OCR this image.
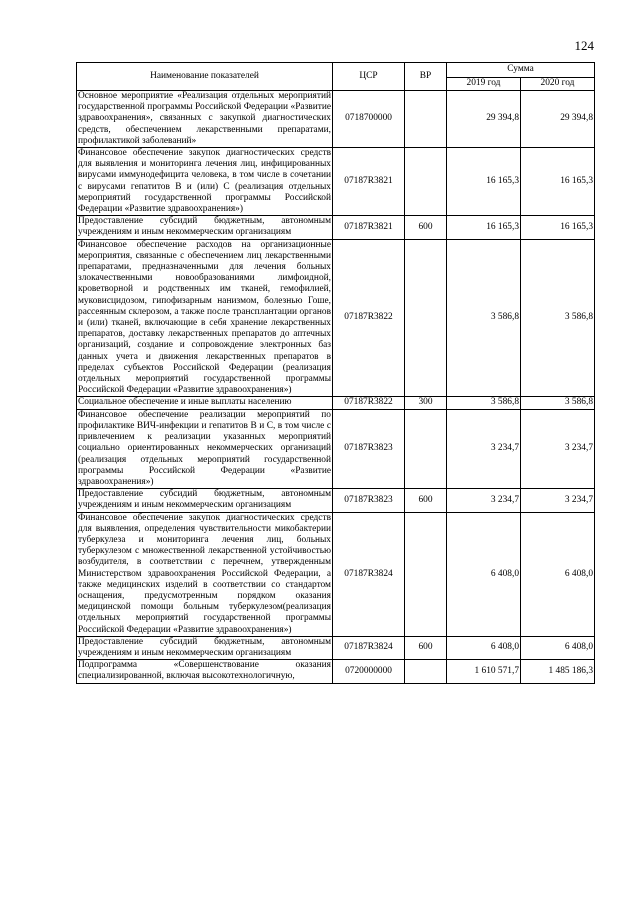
124
Наименование показателей	ЦСР	ВР	Сумма	
			2019 год	2020 год
Основное мероприятие «Реализация отдельных мероприятий государственной программы Российской Федерации «Развитие здравоохранения», связанных с закупкой диагностических средств, обеспечением лекарственными препаратами, профилактикой заболеваний»	0718700000		29 394,8	29 394,8
Финансовое обеспечение закупок диагностических средств для выявления и мониторинга лечения лиц, инфицированных вирусами иммунодефицита человека, в том числе в сочетании с вирусами гепатитов B и (или) C (реализация отдельных мероприятий государственной программы Российской Федерации «Развитие здравоохранения»)	07187R3821		16 165,3	16 165,3
Предоставление субсидий бюджетным, автономным учреждениям и иным некоммерческим организациям	07187R3821	600	16 165,3	16 165,3
Финансовое обеспечение расходов на организационные мероприятия, связанные с обеспечением лиц лекарственными препаратами, предназначенными для лечения больных злокачественными новообразованиями лимфоидной, кроветворной и родственных им тканей, гемофилией, муковисцидозом, гипофизарным нанизмом, болезнью Гоше, рассеянным склерозом, а также после трансплантации органов и (или) тканей, включающие в себя хранение лекарственных препаратов, доставку лекарственных препаратов до аптечных организаций, создание и сопровождение электронных баз данных учета и движения лекарственных препаратов в пределах субъектов Российской Федерации (реализация отдельных мероприятий государственной программы Российской Федерации «Развитие здравоохранения»)	07187R3822		3 586,8	3 586,8
Социальное обеспечение и иные выплаты населению	07187R3822	300	3 586,8	3 586,8
Финансовое обеспечение реализации мероприятий по профилактике ВИЧ-инфекции и гепатитов B и C, в том числе с привлечением к реализации указанных мероприятий социально ориентированных некоммерческих организаций (реализация отдельных мероприятий государственной программы Российской Федерации «Развитие здравоохранения»)	07187R3823		3 234,7	3 234,7
Предоставление субсидий бюджетным, автономным учреждениям и иным некоммерческим организациям	07187R3823	600	3 234,7	3 234,7
Финансовое обеспечение закупок диагностических средств для выявления, определения чувствительности микобактерии туберкулеза и мониторинга лечения лиц, больных туберкулезом с множественной лекарственной устойчивостью возбудителя, в соответствии с перечнем, утвержденным Министерством здравоохранения Российской Федерации, а также медицинских изделий в соответствии со стандартом оснащения, предусмотренным порядком оказания медицинской помощи больным туберкулезом(реализация отдельных мероприятий государственной программы Российской Федерации «Развитие здравоохранения»)	07187R3824		6 408,0	6 408,0
Предоставление субсидий бюджетным, автономным учреждениям и иным некоммерческим организациям	07187R3824	600	6 408,0	6 408,0
Подпрограмма «Совершенствование оказания специализированной, включая высокотехнологичную,	0720000000		1 610 571,7	1 485 186,3
